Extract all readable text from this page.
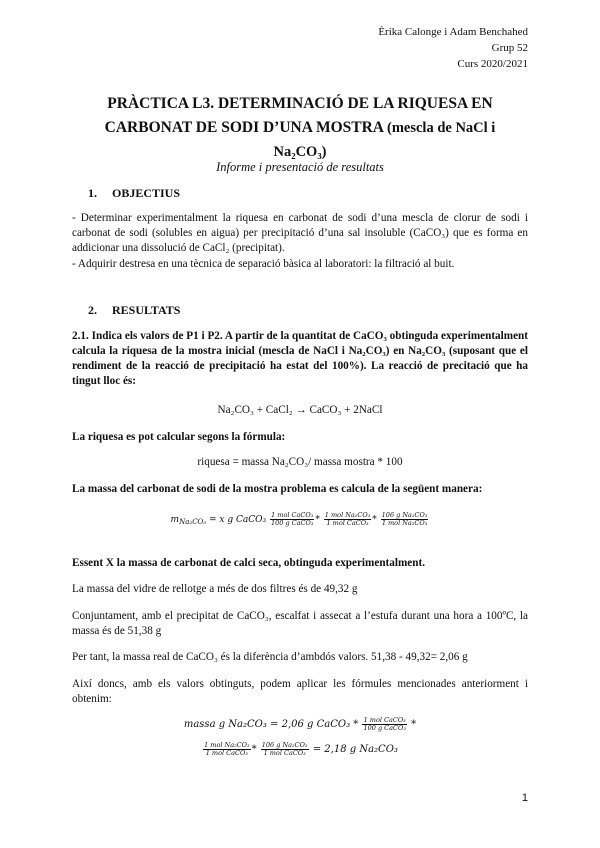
Èrika Calonge i Adam Benchahed
Grup 52
Curs 2020/2021
PRÀCTICA L3. DETERMINACIÓ DE LA RIQUESA EN
CARBONAT DE SODI D’UNA MOSTRA (mescla de NaCl i
Na₂CO₃)
Informe i presentació de resultats
1. OBJECTIUS
- Determinar experimentalment la riquesa en carbonat de sodi d’una mescla de clorur de sodi i carbonat de sodi (solubles en aigua) per precipitació d’una sal insoluble (CaCO₃) que es forma en addicionar una dissolució de CaCl₂ (precipitat).
- Adquirir destresa en una tècnica de separació bàsica al laboratori: la filtració al buit.
2. RESULTATS
2.1. Indica els valors de P1 i P2. A partir de la quantitat de CaCO₃ obtinguda experimentalment calcula la riquesa de la mostra inicial (mescla de NaCl i Na₂CO₃) en Na₂CO₃ (suposant que el rendiment de la reacció de precipitació ha estat del 100%). La reacció de precitació que ha tingut lloc és:
Na₂CO₃ + CaCl₂ → CaCO₃ + 2NaCl
La riquesa es pot calcular segons la fórmula:
riquesa = massa Na₂CO₃/ massa mostra * 100
La massa del carbonat de sodi de la mostra problema es calcula de la següent manera:
$m_{Na_2CO_3} = x$ g CaCO₃ $\frac{\text{1 mol CaCO₃}}{\text{100 g CaCO₃}} * \frac{\text{1 mol Na₂CO₃}}{\text{1 mol CaCO₃}} * \frac{\text{106 g Na₂CO₃}}{\text{1 mol Na₂CO₃}}$
Essent X la massa de carbonat de calci seca, obtinguda experimentalment.
La massa del vidre de rellotge a més de dos filtres és de 49,32 g
Conjuntament, amb el precipitat de CaCO₃, escalfat i assecat a l’estufa durant una hora a 100ºC, la massa és de 51,38 g
Per tant, la massa real de CaCO₃ és la diferència d’ambdós valors. 51,38 - 49,32= 2,06 g
Així doncs, amb els valors obtinguts, podem aplicar les fórmules mencionades anteriorment i obtenim:
massa g Na₂CO₃ = 2,06 g CaCO₃ * $\frac{\text{1 mol CaCO₃}}{\text{100 g CaCO₃}}$ *
$\frac{\text{1 mol Na₂CO₃}}{\text{1 mol CaCO₃}} * \frac{\text{106 g Na₂CO₃}}{\text{1 mol CaCO₃}} = 2,18$ g Na₂CO₃
1
